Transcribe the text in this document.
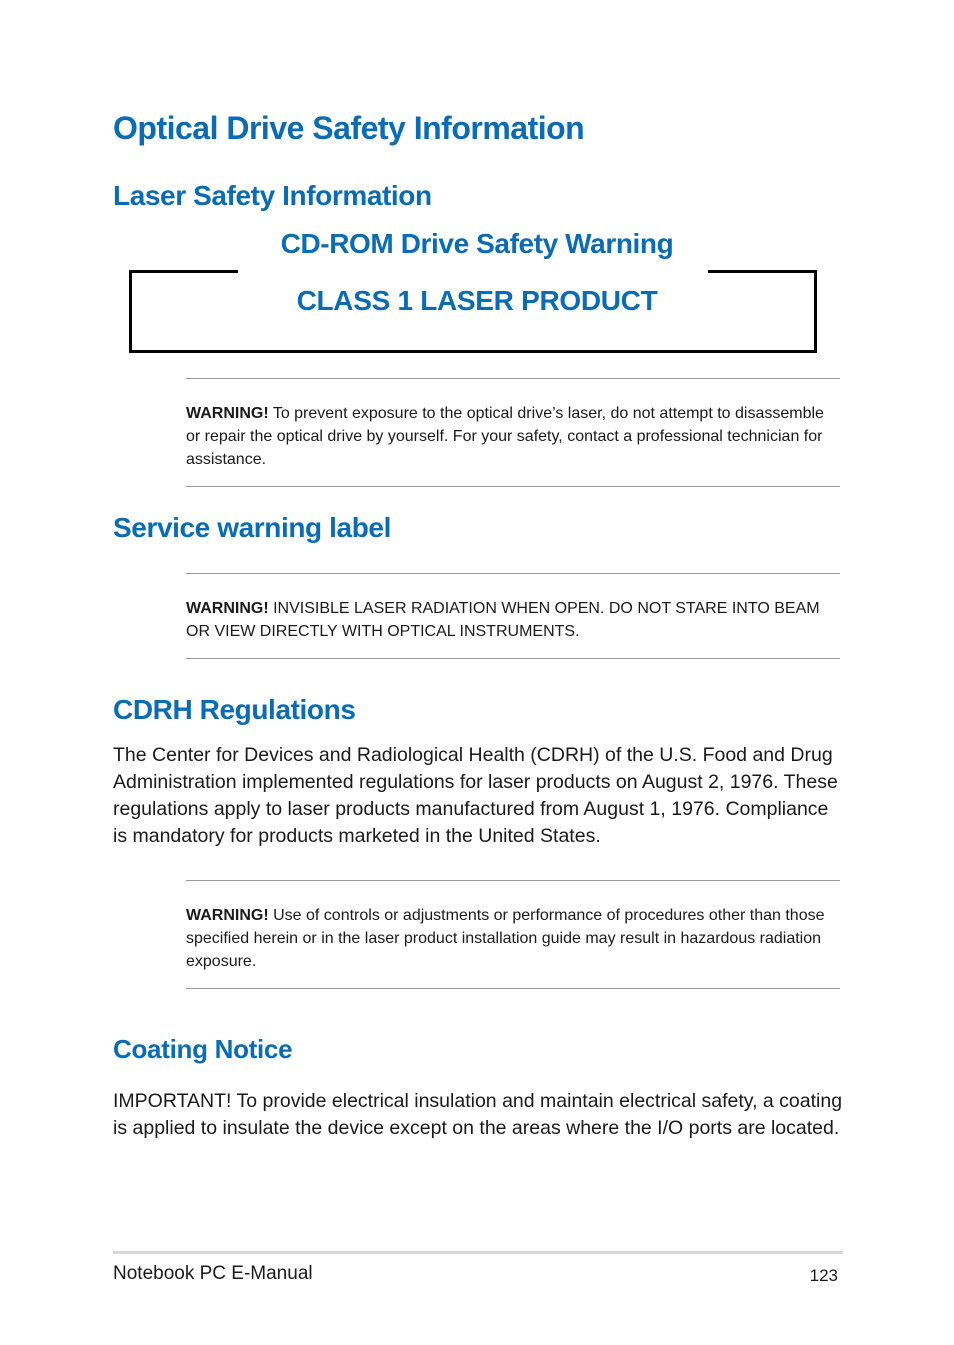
Optical Drive Safety Information
Laser Safety Information
CD-ROM Drive Safety Warning
CLASS 1 LASER PRODUCT
WARNING! To prevent exposure to the optical drive’s laser, do not attempt to disassemble or repair the optical drive by yourself. For your safety, contact a professional technician for assistance.
Service warning label
WARNING! INVISIBLE LASER RADIATION WHEN OPEN. DO NOT STARE INTO BEAM OR VIEW DIRECTLY WITH OPTICAL INSTRUMENTS.
CDRH Regulations
The Center for Devices and Radiological Health (CDRH) of the U.S. Food and Drug Administration implemented regulations for laser products on August 2, 1976. These regulations apply to laser products manufactured from August 1, 1976. Compliance is mandatory for products marketed in the United States.
WARNING! Use of controls or adjustments or performance of procedures other than those specified herein or in the laser product installation guide may result in hazardous radiation exposure.
Coating Notice
IMPORTANT! To provide electrical insulation and maintain electrical safety, a coating is applied to insulate the device except on the areas where the I/O ports are located.
Notebook PC E-Manual	123
